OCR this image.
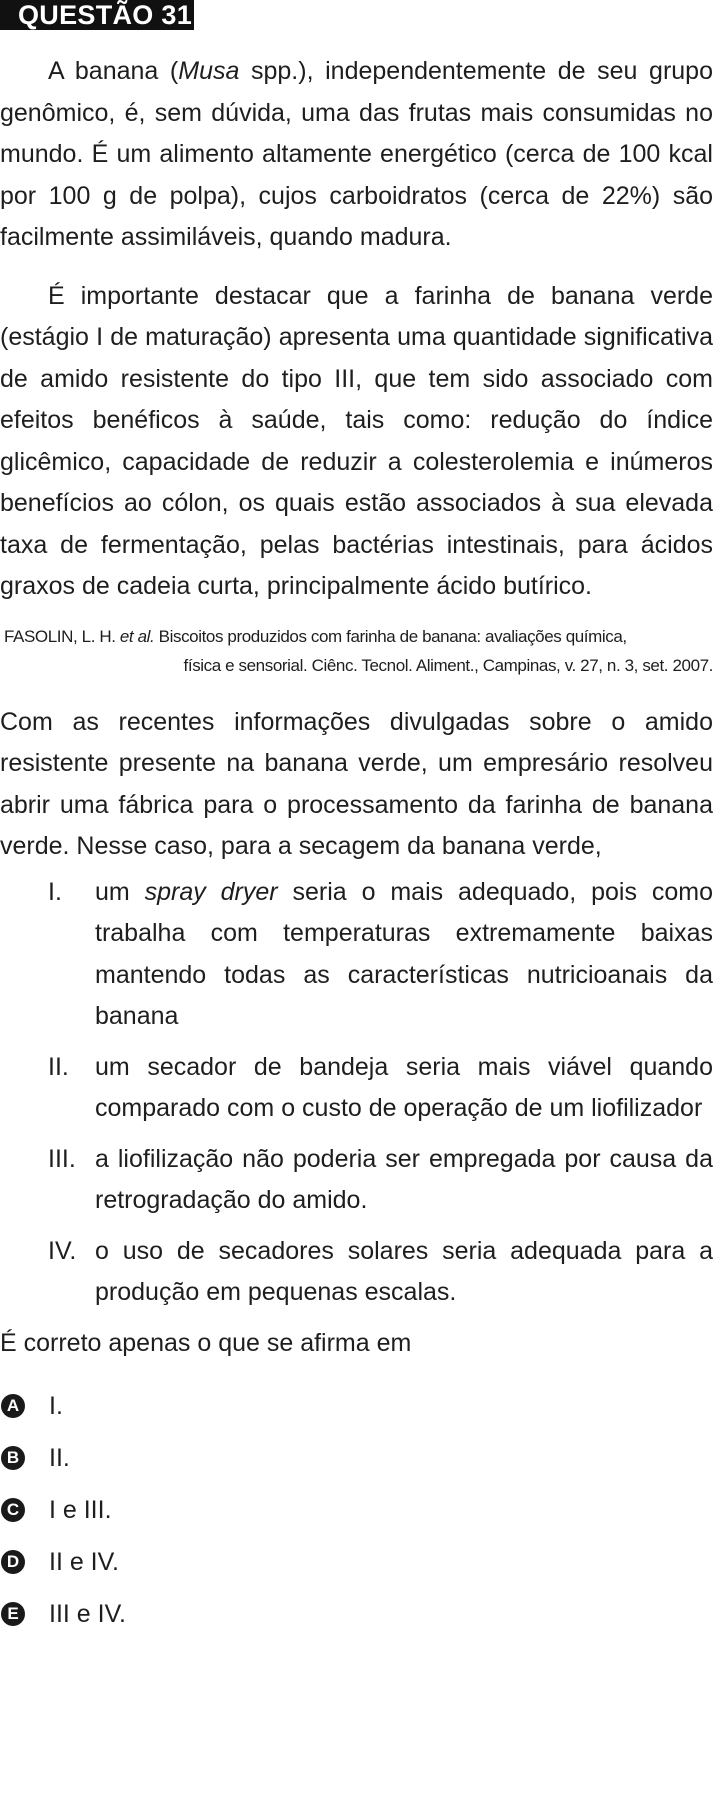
QUESTÃO 31

A banana (Musa spp.), independentemente de seu grupo genômico, é, sem dúvida, uma das frutas mais consumidas no mundo. É um alimento altamente energético (cerca de 100 kcal por 100 g de polpa), cujos carboidratos (cerca de 22%) são facilmente assimiláveis, quando madura.

É importante destacar que a farinha de banana verde (estágio I de maturação) apresenta uma quantidade significativa de amido resistente do tipo III, que tem sido associado com efeitos benéficos à saúde, tais como: redução do índice glicêmico, capacidade de reduzir a colesterolemia e inúmeros benefícios ao cólon, os quais estão associados à sua elevada taxa de fermentação, pelas bactérias intestinais, para ácidos graxos de cadeia curta, principalmente ácido butírico.

FASOLIN, L. H. et al. Biscoitos produzidos com farinha de banana: avaliações química,
física e sensorial. Ciênc. Tecnol. Aliment., Campinas, v. 27, n. 3, set. 2007.

Com as recentes informações divulgadas sobre o amido resistente presente na banana verde, um empresário resolveu abrir uma fábrica para o processamento da farinha de banana verde. Nesse caso, para a secagem da banana verde,

I.	um spray dryer seria o mais adequado, pois como trabalha com temperaturas extremamente baixas mantendo todas as características nutricioanais da banana
II.	um secador de bandeja seria mais viável quando comparado com o custo de operação de um liofilizador
III. a liofilização não poderia ser empregada por causa da retrogradação do amido.
IV. o uso de secadores solares seria adequada para a produção em pequenas escalas.
É correto apenas o que se afirma em
A I.
B II.
C I e III.
D II e IV.
E III e IV.
